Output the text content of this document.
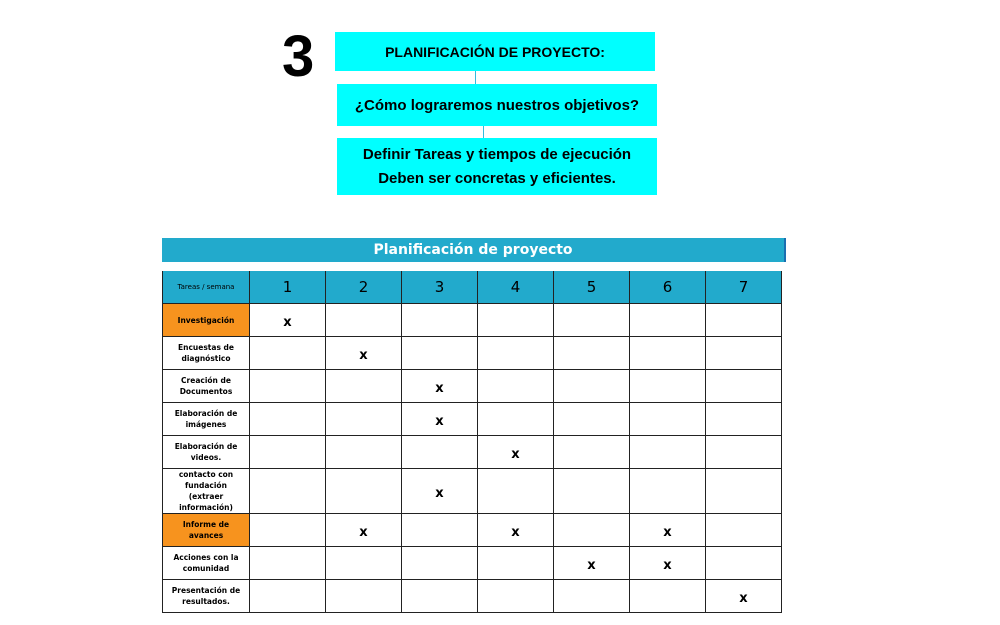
3	PLANIFICACIÓN DE PROYECTO:
¿Cómo lograremos nuestros objetivos?
Definir Tareas y tiempos de ejecución
Deben ser concretas y eficientes.
Planificación de proyecto
Tareas / semana	1	2	3	4	5	6	7
Investigación	x						
Encuestas de diagnóstico		x					
Creación de Documentos			x				
Elaboración de imágenes			x				
Elaboración de videos.				x			
contacto con fundación (extraer información)			x				
Informe de avances		x		x		x	
Acciones con la comunidad					x	x	
Presentación de resultados.							x
